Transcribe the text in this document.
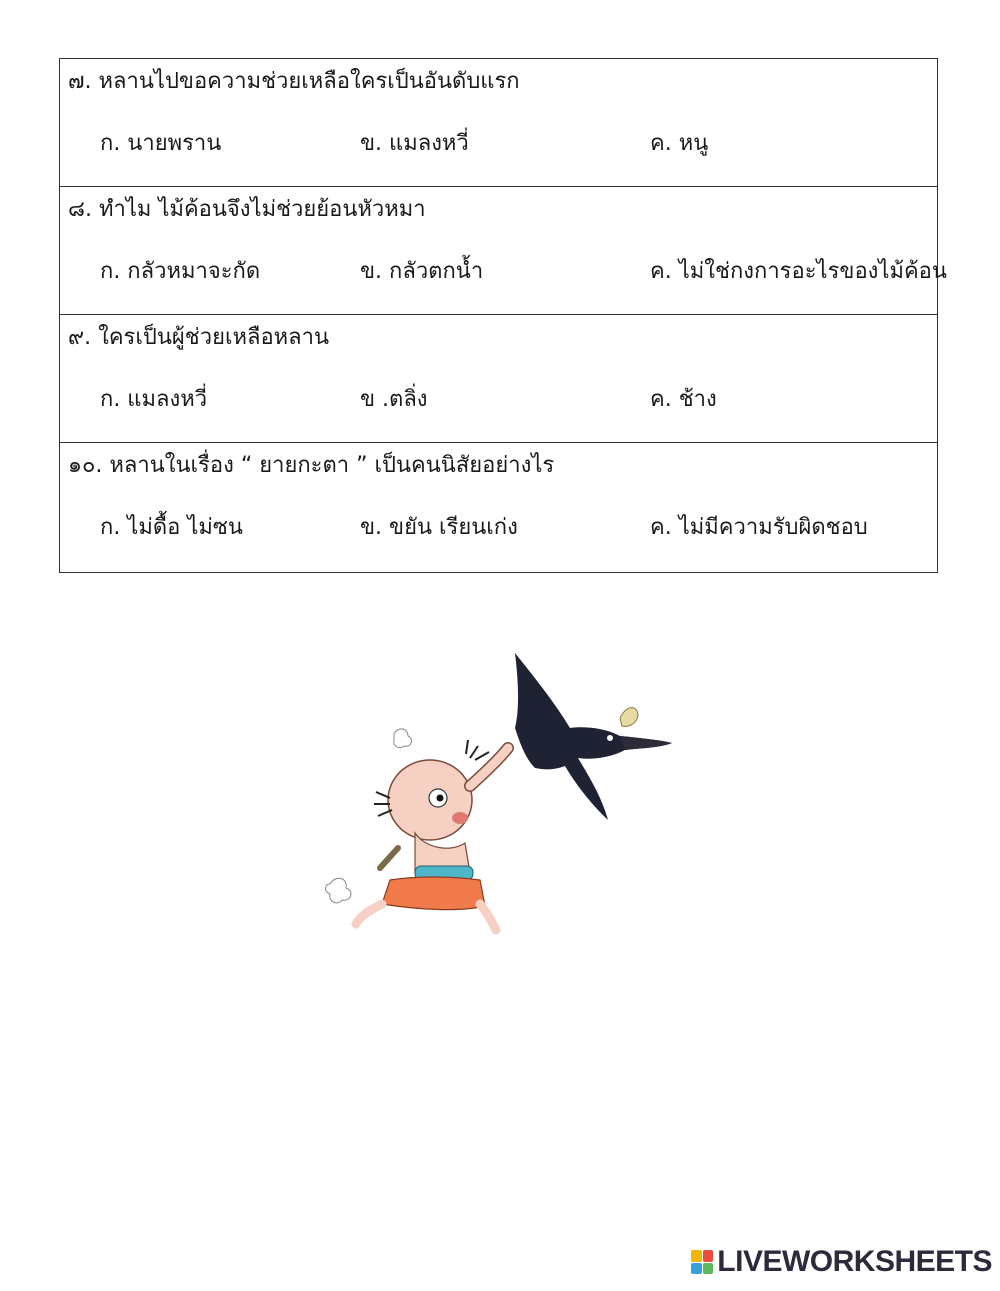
๗. หลานไปขอความช่วยเหลือใครเป็นอันดับแรก
ก. นายพราน	ข. แมลงหวี่	ค. หนู
๘. ทำไม ไม้ค้อนจึงไม่ช่วยย้อนหัวหมา
ก. กลัวหมาจะกัด	ข. กลัวตกน้ำ	ค. ไม่ใช่กงการอะไรของไม้ค้อน
๙. ใครเป็นผู้ช่วยเหลือหลาน
ก. แมลงหวี่	ข .ตลิ่ง	ค. ช้าง
๑๐. หลานในเรื่อง “ ยายกะตา ” เป็นคนนิสัยอย่างไร
ก. ไม่ดื้อ ไม่ซน	ข. ขยัน เรียนเก่ง	ค. ไม่มีความรับผิดชอบ
LIVEWORKSHEETS
